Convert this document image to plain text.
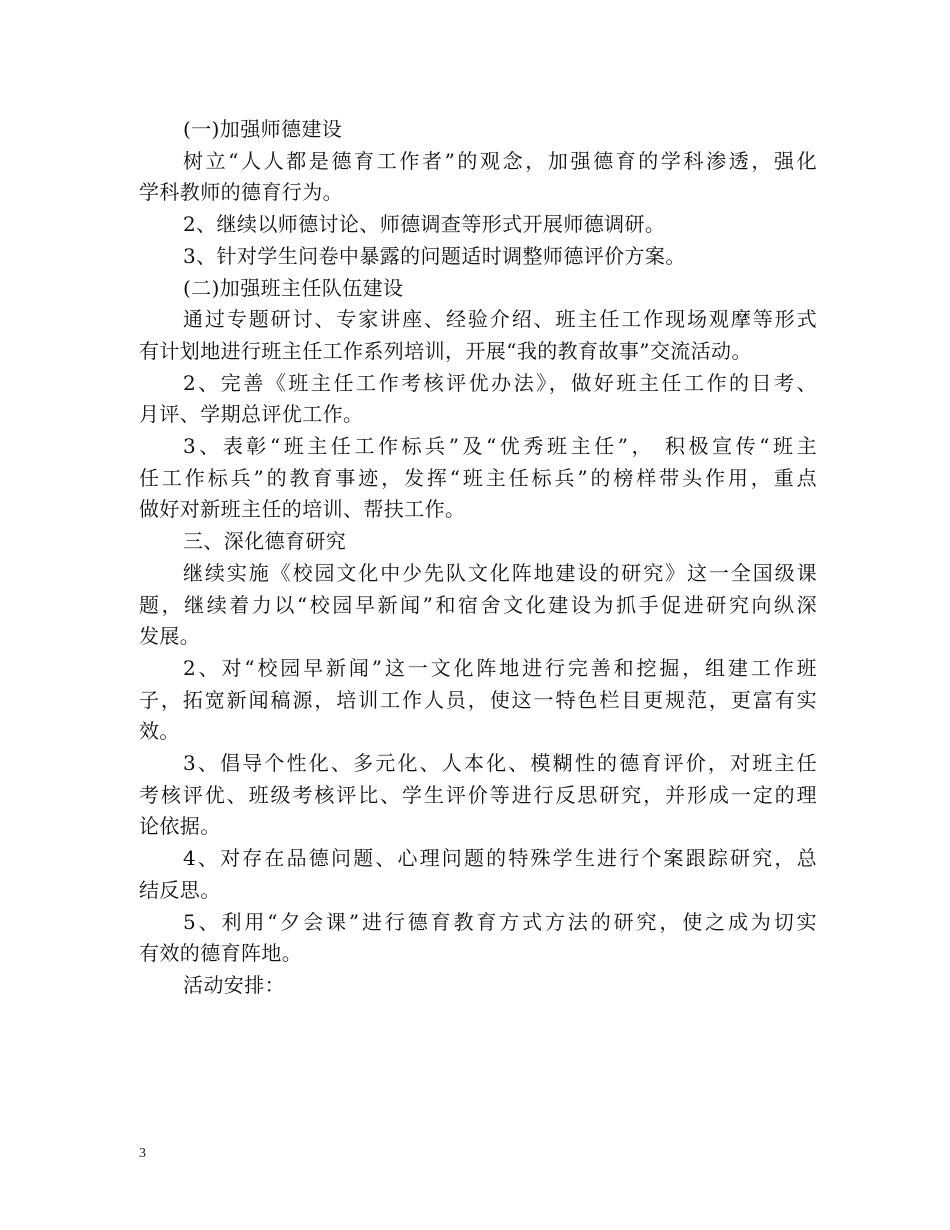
(一)加强师德建设
树立“人人都是德育工作者”的观念，加强德育的学科渗透，强化
学科教师的德育行为。
2、继续以师德讨论、师德调查等形式开展师德调研。
3、针对学生问卷中暴露的问题适时调整师德评价方案。
(二)加强班主任队伍建设
通过专题研讨、专家讲座、经验介绍、班主任工作现场观摩等形式
有计划地进行班主任工作系列培训，开展“我的教育故事”交流活动。
2、完善《班主任工作考核评优办法》，做好班主任工作的日考、
月评、学期总评优工作。
3、表彰“班主任工作标兵”及“优秀班主任”， 积极宣传“班主
任工作标兵”的教育事迹，发挥“班主任标兵”的榜样带头作用，重点
做好对新班主任的培训、帮扶工作。
三、深化德育研究
继续实施《校园文化中少先队文化阵地建设的研究》这一全国级课
题，继续着力以“校园早新闻”和宿舍文化建设为抓手促进研究向纵深
发展。
2、对“校园早新闻”这一文化阵地进行完善和挖掘，组建工作班
子，拓宽新闻稿源，培训工作人员，使这一特色栏目更规范，更富有实
效。
3、倡导个性化、多元化、人本化、模糊性的德育评价，对班主任
考核评优、班级考核评比、学生评价等进行反思研究，并形成一定的理
论依据。
4、对存在品德问题、心理问题的特殊学生进行个案跟踪研究，总
结反思。
5、利用“夕会课”进行德育教育方式方法的研究，使之成为切实
有效的德育阵地。
活动安排：
3
